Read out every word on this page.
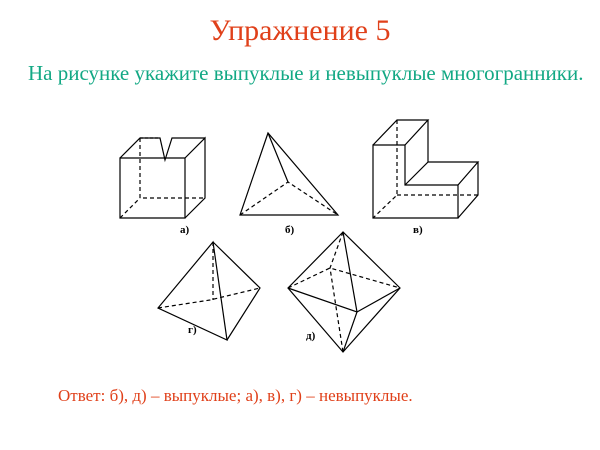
Упражнение 5
На рисунке укажите выпуклые и невыпуклые многогранники.
а)	б)	в)
г)	д)
Ответ: б), д) – выпуклые; а), в), г) – невыпуклые.
